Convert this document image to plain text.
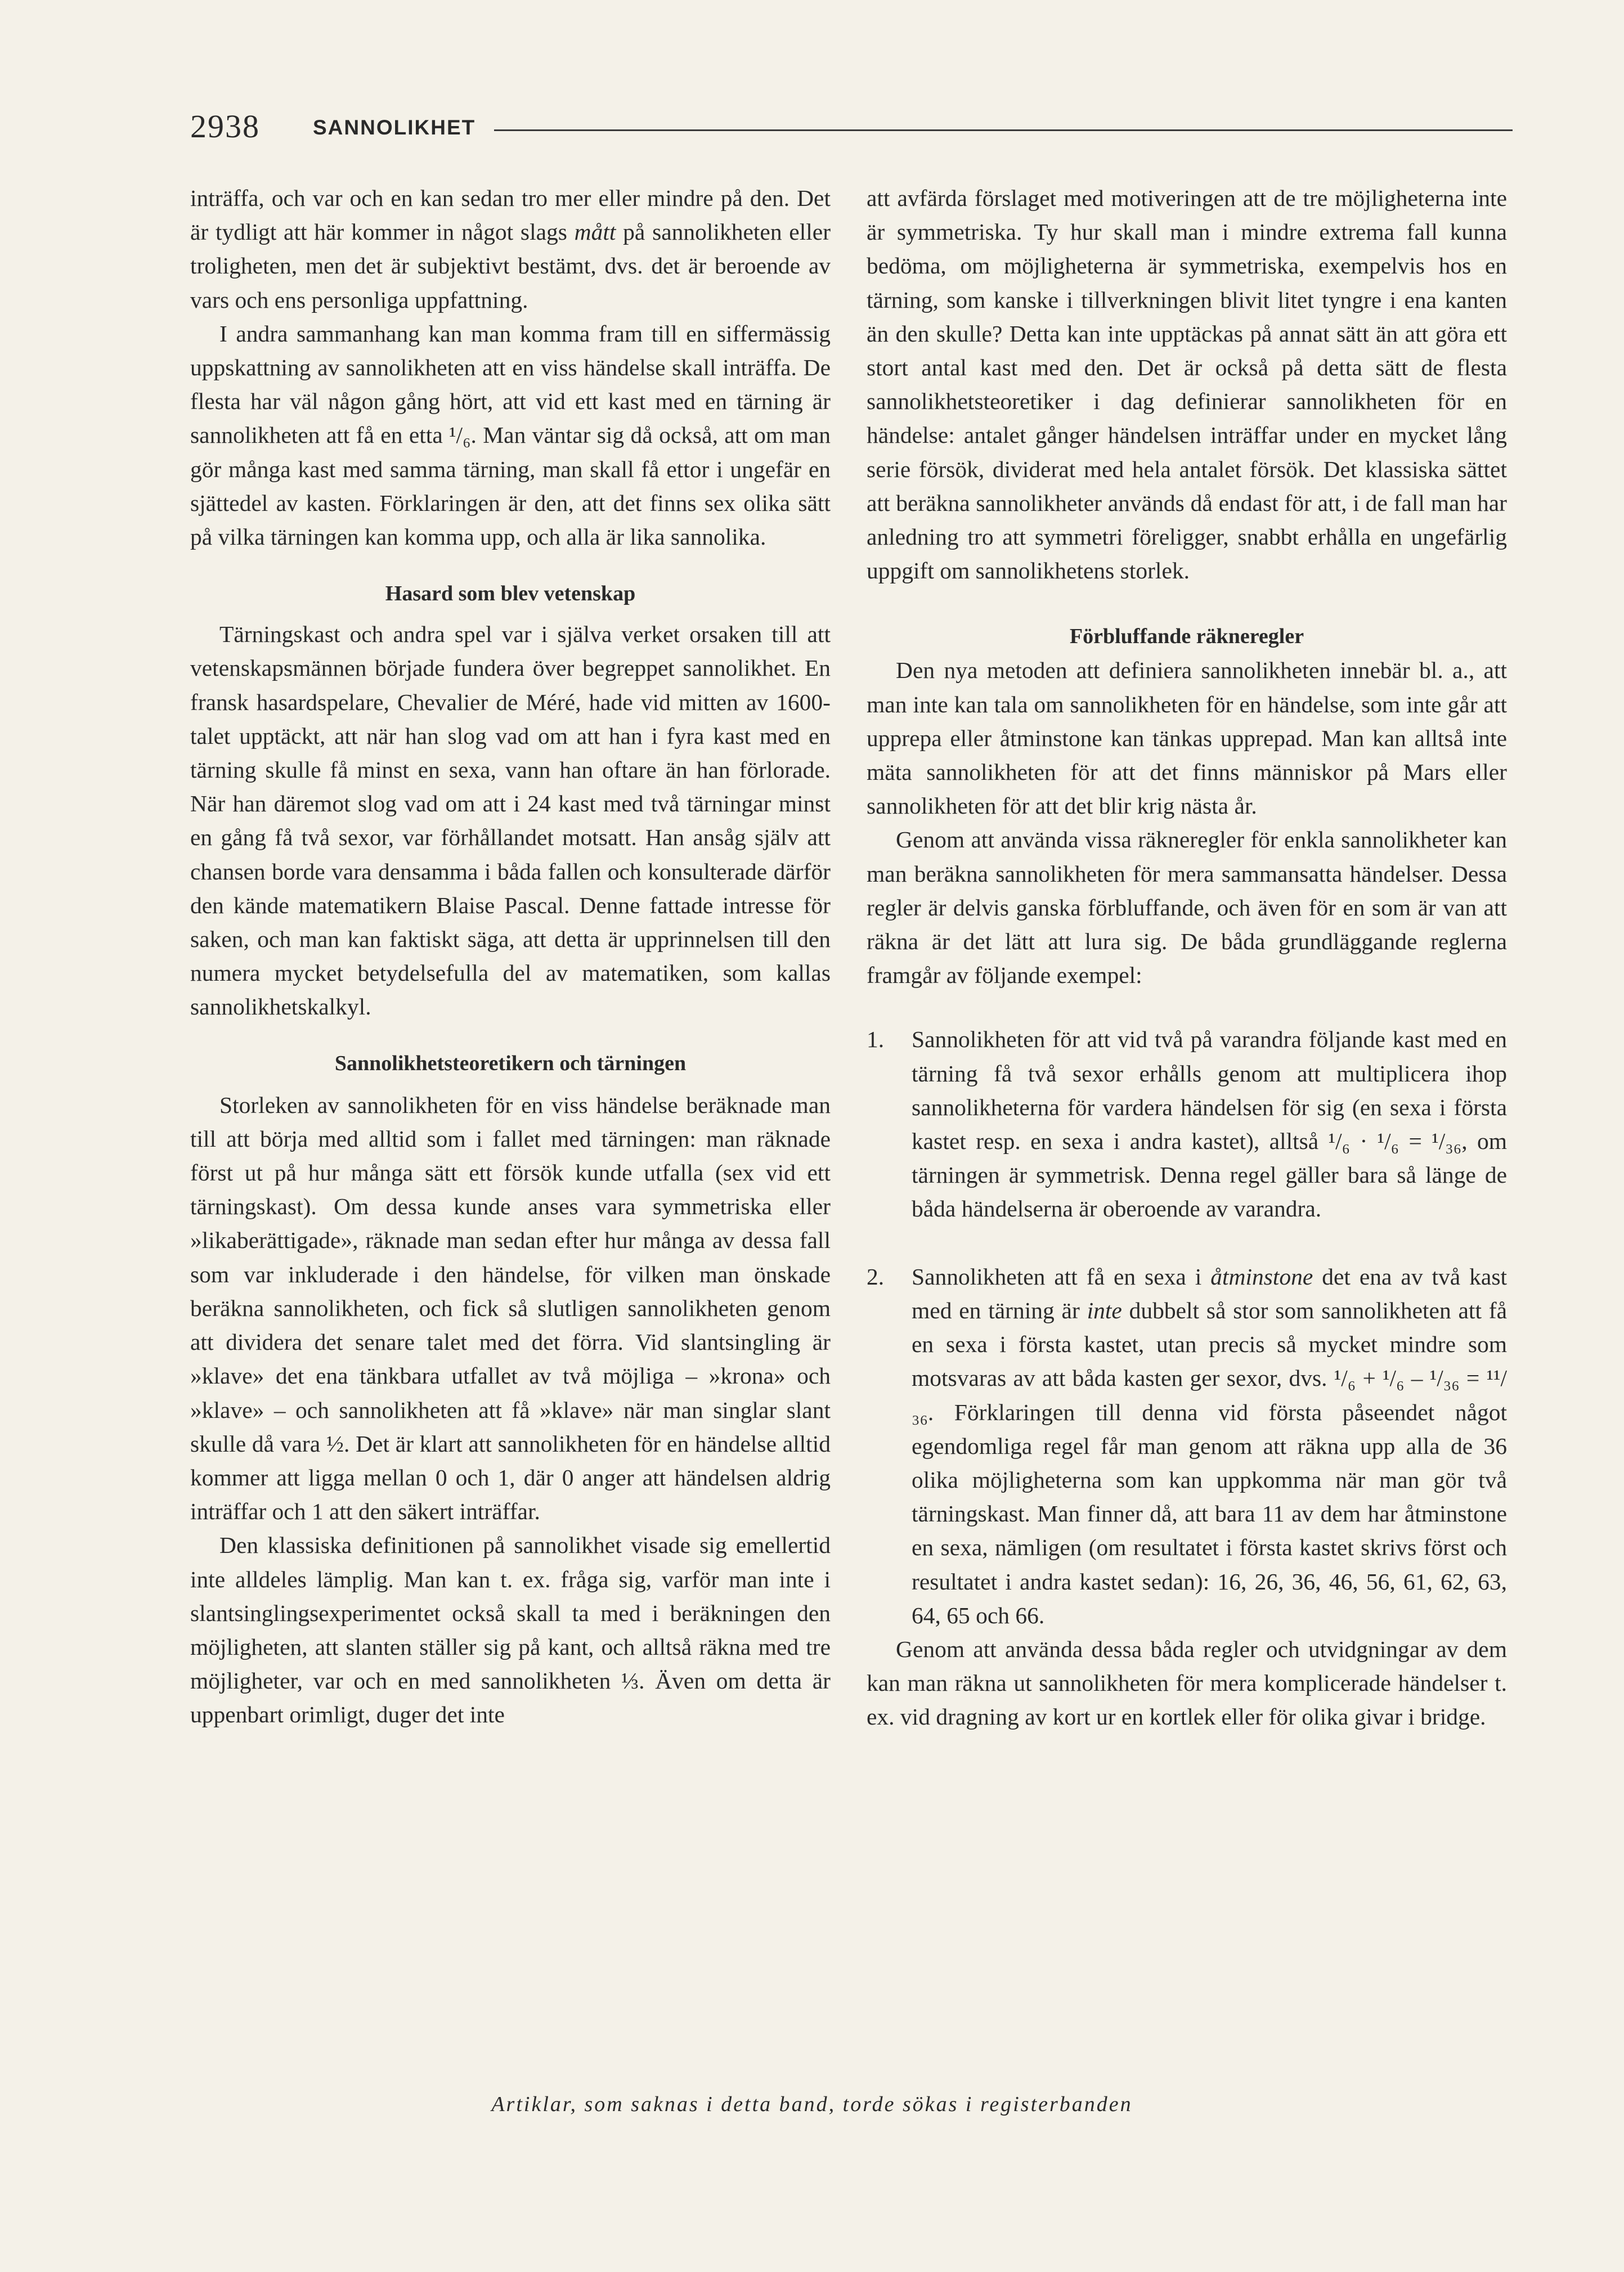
2938	SANNOLIKHET

inträffa, och var och en kan sedan tro mer eller mindre på den. Det är tydligt att här kommer in något slags mått på sannolikheten eller troligheten, men det är subjektivt bestämt, dvs. det är beroende av vars och ens personliga uppfattning.

I andra sammanhang kan man komma fram till en siffermässig uppskattning av sannolikheten att en viss händelse skall inträffa. De flesta har väl någon gång hört, att vid ett kast med en tärning är sannolikheten att få en etta ¹/₆. Man väntar sig då också, att om man gör många kast med samma tärning, man skall få ettor i ungefär en sjättedel av kasten. Förklaringen är den, att det finns sex olika sätt på vilka tärningen kan komma upp, och alla är lika sannolika.

Hasard som blev vetenskap

Tärningskast och andra spel var i själva verket orsaken till att vetenskapsmännen började fundera över begreppet sannolikhet. En fransk hasardspelare, Chevalier de Méré, hade vid mitten av 1600-talet upptäckt, att när han slog vad om att han i fyra kast med en tärning skulle få minst en sexa, vann han oftare än han förlorade. När han däremot slog vad om att i 24 kast med två tärningar minst en gång få två sexor, var förhållandet motsatt. Han ansåg själv att chansen borde vara densamma i båda fallen och konsulterade därför den kände matematikern Blaise Pascal. Denne fattade intresse för saken, och man kan faktiskt säga, att detta är upprinnelsen till den numera mycket betydelsefulla del av matematiken, som kallas sannolikhetskalkyl.

Sannolikhetsteoretikern och tärningen

Storleken av sannolikheten för en viss händelse beräknade man till att börja med alltid som i fallet med tärningen: man räknade först ut på hur många sätt ett försök kunde utfalla (sex vid ett tärningskast). Om dessa kunde anses vara symmetriska eller »likaberättigade», räknade man sedan efter hur många av dessa fall som var inkluderade i den händelse, för vilken man önskade beräkna sannolikheten, och fick så slutligen sannolikheten genom att dividera det senare talet med det förra. Vid slantsingling är »klave» det ena tänkbara utfallet av två möjliga – »krona» och »klave» – och sannolikheten att få »klave» när man singlar slant skulle då vara ½. Det är klart att sannolikheten för en händelse alltid kommer att ligga mellan 0 och 1, där 0 anger att händelsen aldrig inträffar och 1 att den säkert inträffar.

Den klassiska definitionen på sannolikhet visade sig emellertid inte alldeles lämplig. Man kan t. ex. fråga sig, varför man inte i slantsinglingsexperimentet också skall ta med i beräkningen den möjligheten, att slanten ställer sig på kant, och alltså räkna med tre möjligheter, var och en med sannolikheten ⅓. Även om detta är uppenbart orimligt, duger det inte

att avfärda förslaget med motiveringen att de tre möjligheterna inte är symmetriska. Ty hur skall man i mindre extrema fall kunna bedöma, om möjligheterna är symmetriska, exempelvis hos en tärning, som kanske i tillverkningen blivit litet tyngre i ena kanten än den skulle? Detta kan inte upptäckas på annat sätt än att göra ett stort antal kast med den. Det är också på detta sätt de flesta sannolikhetsteoretiker i dag definierar sannolikheten för en händelse: antalet gånger händelsen inträffar under en mycket lång serie försök, dividerat med hela antalet försök. Det klassiska sättet att beräkna sannolikheter används då endast för att, i de fall man har anledning tro att symmetri föreligger, snabbt erhålla en ungefärlig uppgift om sannolikhetens storlek.

Förbluffande räkneregler

Den nya metoden att definiera sannolikheten innebär bl. a., att man inte kan tala om sannolikheten för en händelse, som inte går att upprepa eller åtminstone kan tänkas upprepad. Man kan alltså inte mäta sannolikheten för att det finns människor på Mars eller sannolikheten för att det blir krig nästa år.

Genom att använda vissa räkneregler för enkla sannolikheter kan man beräkna sannolikheten för mera sammansatta händelser. Dessa regler är delvis ganska förbluffande, och även för en som är van att räkna är det lätt att lura sig. De båda grundläggande reglerna framgår av följande exempel:

1. Sannolikheten för att vid två på varandra följande kast med en tärning få två sexor erhålls genom att multiplicera ihop sannolikheterna för vardera händelsen för sig (en sexa i första kastet resp. en sexa i andra kastet), alltså ¹/₆ · ¹/₆ = ¹/₃₆, om tärningen är symmetrisk. Denna regel gäller bara så länge de båda händelserna är oberoende av varandra.
2. Sannolikheten att få en sexa i åtminstone det ena av två kast med en tärning är inte dubbelt så stor som sannolikheten att få en sexa i första kastet, utan precis så mycket mindre som motsvaras av att båda kasten ger sexor, dvs. ¹/₆ + ¹/₆ – ¹/₃₆ = ¹¹/₃₆. Förklaringen till denna vid första påseendet något egendomliga regel får man genom att räkna upp alla de 36 olika möjligheterna som kan uppkomma när man gör två tärningskast. Man finner då, att bara 11 av dem har åtminstone en sexa, nämligen (om resultatet i första kastet skrivs först och resultatet i andra kastet sedan): 16, 26, 36, 46, 56, 61, 62, 63, 64, 65 och 66.

Genom att använda dessa båda regler och utvidgningar av dem kan man räkna ut sannolikheten för mera komplicerade händelser t. ex. vid dragning av kort ur en kortlek eller för olika givar i bridge.

Artiklar, som saknas i detta band, torde sökas i registerbanden
